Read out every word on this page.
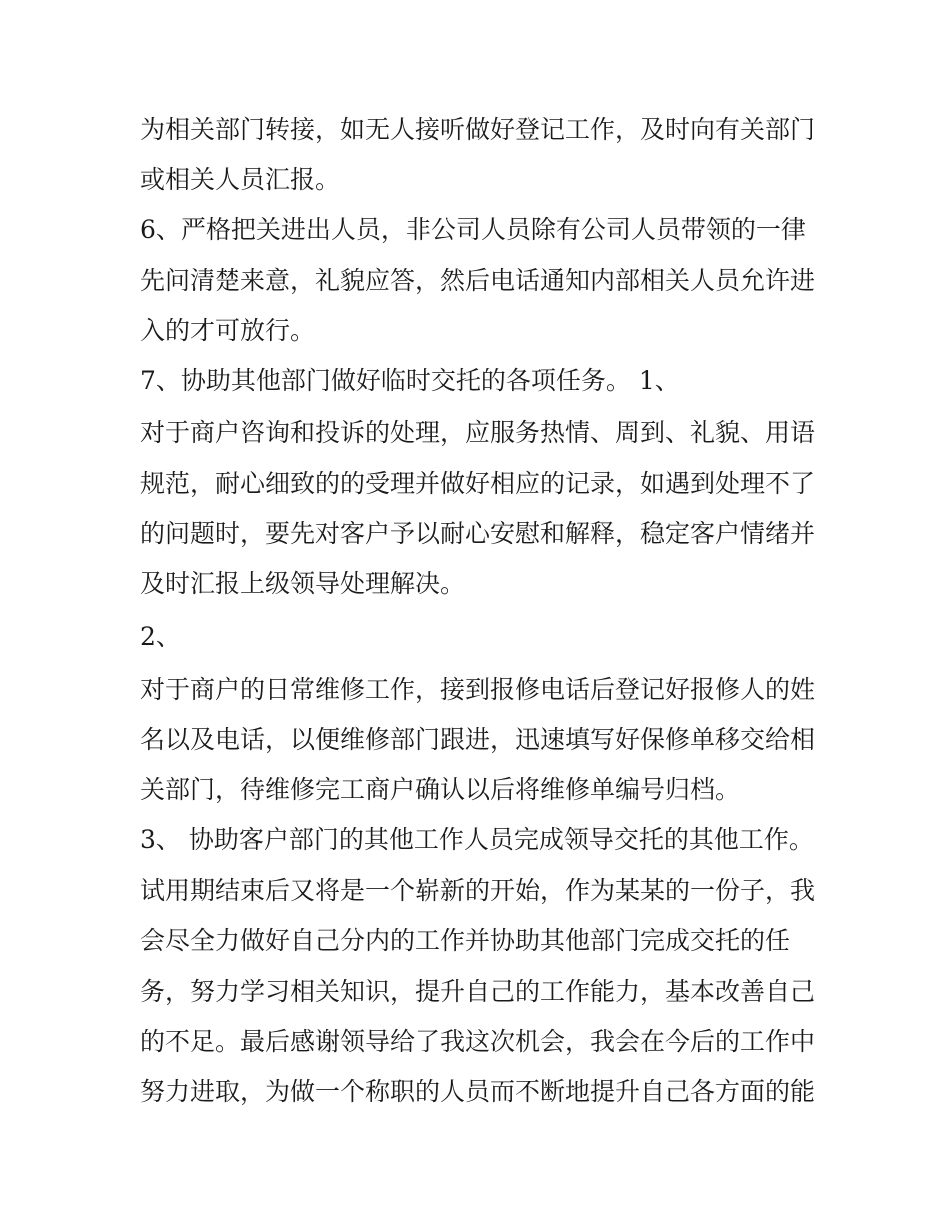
为相关部门转接，如无人接听做好登记工作，及时向有关部门

或相关人员汇报。

6、严格把关进出人员，非公司人员除有公司人员带领的一律

先问清楚来意，礼貌应答，然后电话通知内部相关人员允许进

入的才可放行。

7、协助其他部门做好临时交托的各项任务。 1、

对于商户咨询和投诉的处理，应服务热情、周到、礼貌、用语

规范，耐心细致的的受理并做好相应的记录，如遇到处理不了

的问题时，要先对客户予以耐心安慰和解释，稳定客户情绪并

及时汇报上级领导处理解决。

2、

对于商户的日常维修工作，接到报修电话后登记好报修人的姓

名以及电话，以便维修部门跟进，迅速填写好保修单移交给相

关部门，待维修完工商户确认以后将维修单编号归档。

3、 协助客户部门的其他工作人员完成领导交托的其他工作。

试用期结束后又将是一个崭新的开始，作为某某的一份子，我

会尽全力做好自己分内的工作并协助其他部门完成交托的任

务，努力学习相关知识，提升自己的工作能力，基本改善自己

的不足。最后感谢领导给了我这次机会，我会在今后的工作中

努力进取，为做一个称职的人员而不断地提升自己各方面的能
